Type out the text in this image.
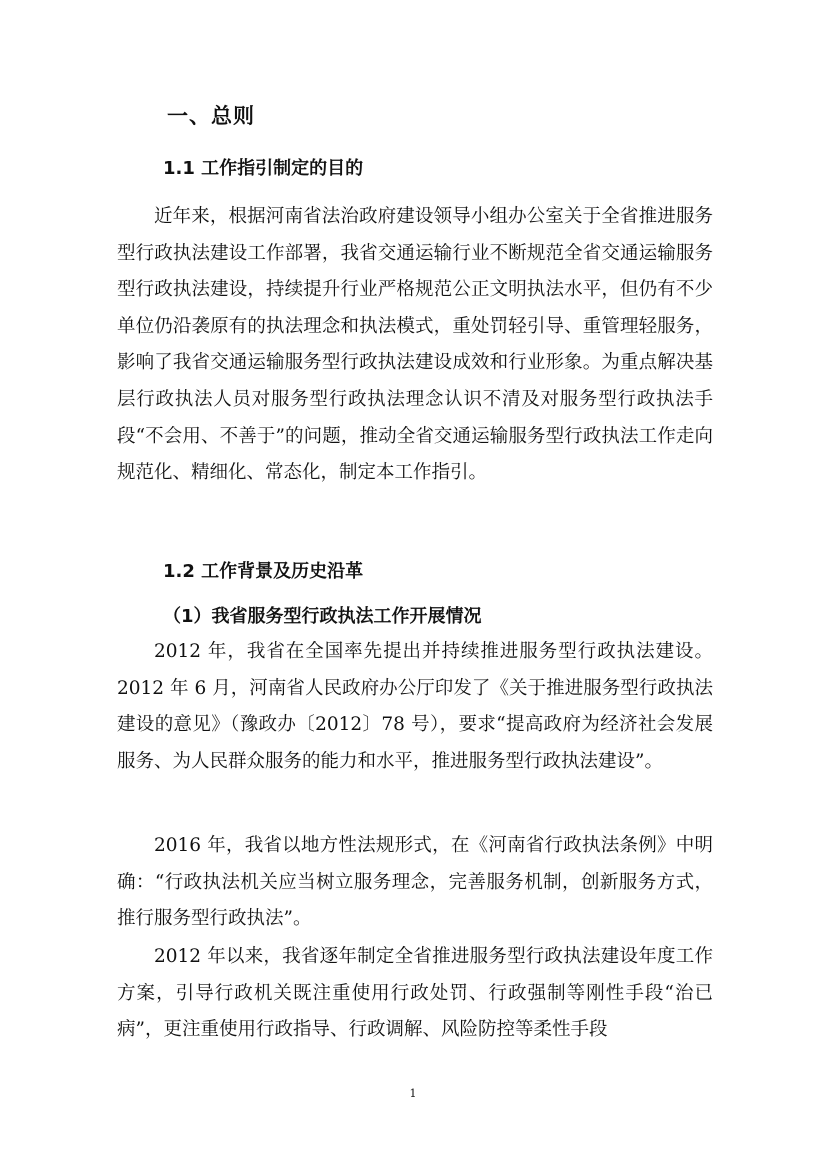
一、总则
1.1 工作指引制定的目的

近年来，根据河南省法治政府建设领导小组办公室关于全省推进服务型行政执法建设工作部署，我省交通运输行业不断规范全省交通运输服务型行政执法建设，持续提升行业严格规范公正文明执法水平，但仍有不少单位仍沿袭原有的执法理念和执法模式，重处罚轻引导、重管理轻服务，影响了我省交通运输服务型行政执法建设成效和行业形象。为重点解决基层行政执法人员对服务型行政执法理念认识不清及对服务型行政执法手段“不会用、不善于”的问题，推动全省交通运输服务型行政执法工作走向规范化、精细化、常态化，制定本工作指引。

1.2 工作背景及历史沿革
（1）我省服务型行政执法工作开展情况

2012 年，我省在全国率先提出并持续推进服务型行政执法建设。2012 年 6 月，河南省人民政府办公厅印发了《关于推进服务型行政执法建设的意见》（豫政办〔2012〕78 号），要求“提高政府为经济社会发展服务、为人民群众服务的能力和水平，推进服务型行政执法建设”。

2016 年，我省以地方性法规形式，在《河南省行政执法条例》中明确：“行政执法机关应当树立服务理念，完善服务机制，创新服务方式，推行服务型行政执法”。

2012 年以来，我省逐年制定全省推进服务型行政执法建设年度工作方案，引导行政机关既注重使用行政处罚、行政强制等刚性手段“治已病”，更注重使用行政指导、行政调解、风险防控等柔性手段

1
